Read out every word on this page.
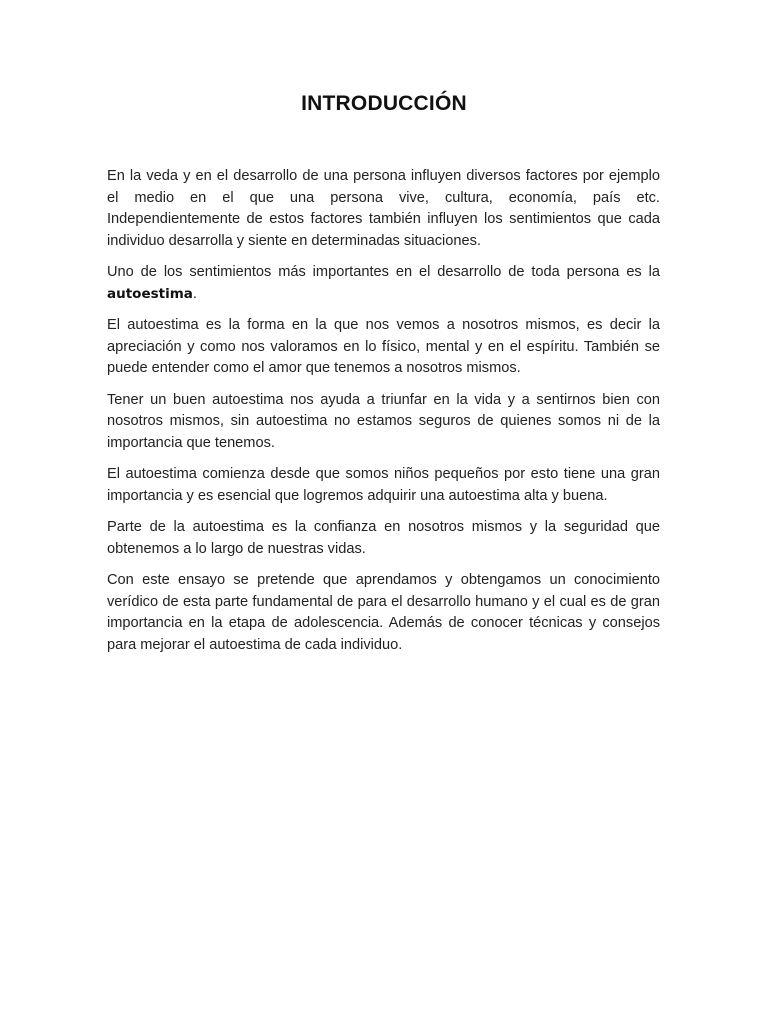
INTRODUCCIÓN

En la veda y en el desarrollo de una persona influyen diversos factores por ejemplo el medio en el que una persona vive, cultura, economía, país etc. Independientemente de estos factores también influyen los sentimientos que cada individuo desarrolla y siente en determinadas situaciones.

Uno de los sentimientos más importantes en el desarrollo de toda persona es la autoestima.

El autoestima es la forma en la que nos vemos a nosotros mismos, es decir la apreciación y como nos valoramos en lo físico, mental y en el espíritu. También se puede entender como el amor que tenemos a nosotros mismos.

Tener un buen autoestima nos ayuda a triunfar en la vida y a sentirnos bien con nosotros mismos, sin autoestima no estamos seguros de quienes somos ni de la importancia que tenemos.

El autoestima comienza desde que somos niños pequeños por esto tiene una gran importancia y es esencial que logremos adquirir una autoestima alta y buena.

Parte de la autoestima es la confianza en nosotros mismos y la seguridad que obtenemos a lo largo de nuestras vidas.

Con este ensayo se pretende que aprendamos y obtengamos un conocimiento verídico de esta parte fundamental de para el desarrollo humano y el cual es de gran importancia en la etapa de adolescencia. Además de conocer técnicas y consejos para mejorar el autoestima de cada individuo.
